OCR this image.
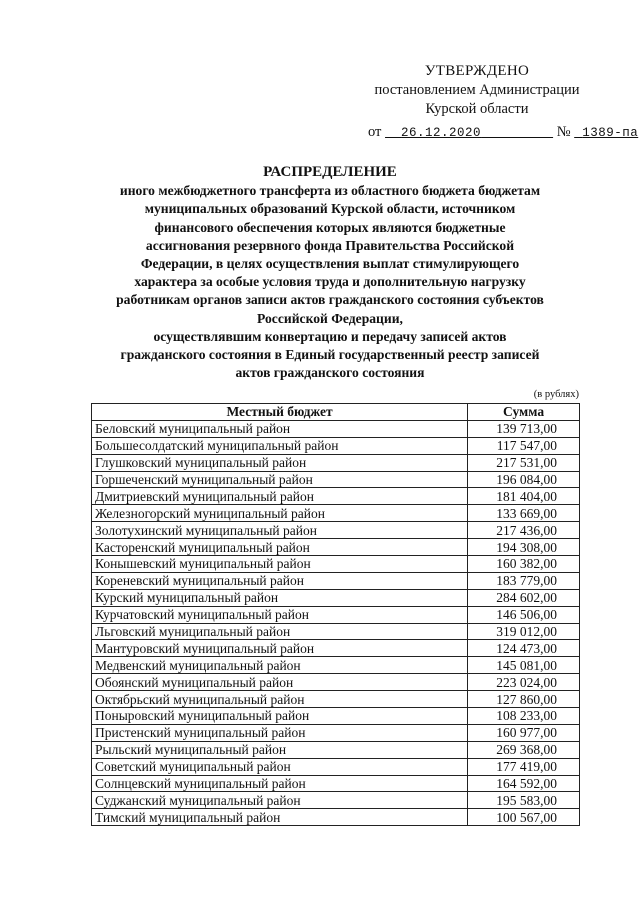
УТВЕРЖДЕНО
постановлением Администрации
Курской области
от 26.12.2020	№ 1389-па
РАСПРЕДЕЛЕНИЕ
иного межбюджетного трансферта из областного бюджета бюджетам
муниципальных образований Курской области, источником
финансового обеспечения которых являются бюджетные
ассигнования резервного фонда Правительства Российской
Федерации, в целях осуществления выплат стимулирующего
характера за особые условия труда и дополнительную нагрузку
работникам органов записи актов гражданского состояния субъектов
Российской Федерации,
осуществлявшим конвертацию и передачу записей актов
гражданского состояния в Единый государственный реестр записей
актов гражданского состояния
(в рублях)
Местный бюджет	Сумма
Беловский муниципальный район	139 713,00
Большесолдатский муниципальный район	117 547,00
Глушковский муниципальный район	217 531,00
Горшеченский муниципальный район	196 084,00
Дмитриевский муниципальный район	181 404,00
Железногорский муниципальный район	133 669,00
Золотухинский муниципальный район	217 436,00
Касторенский муниципальный район	194 308,00
Конышевский муниципальный район	160 382,00
Кореневский муниципальный район	183 779,00
Курский муниципальный район	284 602,00
Курчатовский муниципальный район	146 506,00
Льговский муниципальный район	319 012,00
Мантуровский муниципальный район	124 473,00
Медвенский муниципальный район	145 081,00
Обоянский муниципальный район	223 024,00
Октябрьский муниципальный район	127 860,00
Поныровский муниципальный район	108 233,00
Пристенский муниципальный район	160 977,00
Рыльский муниципальный район	269 368,00
Советский муниципальный район	177 419,00
Солнцевский муниципальный район	164 592,00
Суджанский муниципальный район	195 583,00
Тимский муниципальный район	100 567,00
